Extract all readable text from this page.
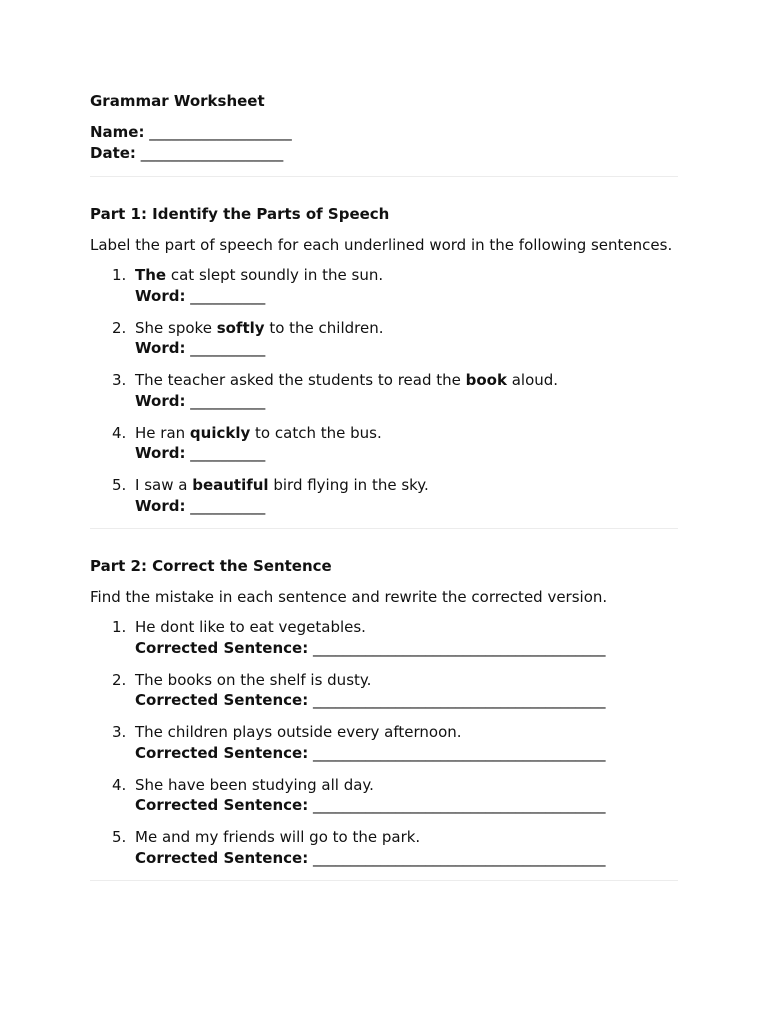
Grammar Worksheet
Name: ___________________
Date: ___________________
Part 1: Identify the Parts of Speech
Label the part of speech for each underlined word in the following sentences.
1. The cat slept soundly in the sun.
Word: __________
2. She spoke softly to the children.
Word: __________
3. The teacher asked the students to read the book aloud.
Word: __________
4. He ran quickly to catch the bus.
Word: __________
5. I saw a beautiful bird flying in the sky.
Word: __________
Part 2: Correct the Sentence
Find the mistake in each sentence and rewrite the corrected version.
1. He dont like to eat vegetables.
Corrected Sentence: _______________________________________
2. The books on the shelf is dusty.
Corrected Sentence: _______________________________________
3. The children plays outside every afternoon.
Corrected Sentence: _______________________________________
4. She have been studying all day.
Corrected Sentence: _______________________________________
5. Me and my friends will go to the park.
Corrected Sentence: _______________________________________
